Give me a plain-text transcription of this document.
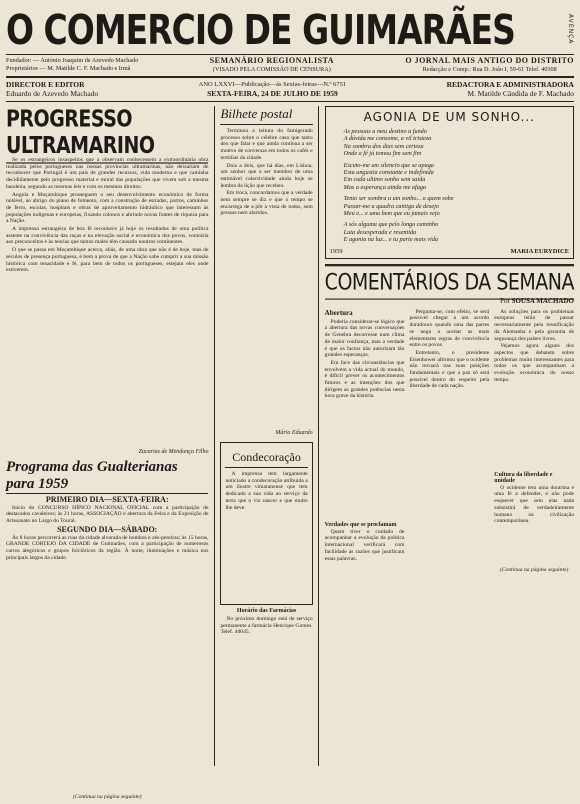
O COMERCIO DE GUIMARÃES	AVENÇA
Fundador: — António Joaquim de Azevedo Machado
Proprietários — M. Matilde C. F. Machado e Irmã
SEMANÁRIO REGIONALISTA
(VISADO PELA COMISSÃO DE CENSURA)
O JORNAL MAIS ANTIGO DO DISTRITO
Redacção e Comp.: Rua D. João I, 59-61 Telef. 40308
DIRECTOR E EDITOR
Eduardo de Azevedo Machado
ANO LXXVI—Publicação—às Sextas-feiras—N.º 6751
SEXTA-FEIRA, 24 DE JULHO DE 1959
REDACTORA E ADMINISTRADORA
M. Matilde Cândida de F. Machado
PROGRESSO ULTRAMARINO

Se os estrangeiros insuspeitos que a observam conhecessem a extraordinária obra realizada pelos portugueses nas nossas províncias ultramarinas, não deixariam de reconhecer que Portugal é um país de grandes recursos, vida moderna e que caminha decididamente pelo progresso material e moral das populações que vivem sob a mesma bandeira, segundo as mesmas leis e com os mesmos direitos.

Angola e Moçambique prosseguem o seu desenvolvimento económico de forma notável, ao abrigo do plano de fomento, com a construção de estradas, portos, caminhos de ferro, escolas, hospitais e obras de aproveitamento hidráulico que interessam às populações indígenas e europeias, fixando colonos e abrindo novas fontes de riqueza para a Nação.

A imprensa estrangeira de boa fé reconhece já hoje os resultados de uma política assente na convivência das raças e na elevação social e económica dos povos, contrária aos preconceitos e às teorias que tantos males têm causado noutros continentes.

O que se passa em Moçambique acerca, aliás, de uma obra que não é de hoje, mas de séculos de presença portuguesa, é bem a prova de que a Nação sabe cumprir a sua missão histórica com tenacidade e fé, para bem de todos os portugueses, estejam eles onde estiverem.

Zacarias de Mendonça Filho
Programa das Gualterianas para 1959
PRIMEIRO DIA—SEXTA-FEIRA:

Início do CONCURSO HÍPICO NACIONAL OFICIAL com a participação de destacados cavaleiros; às 21 horas, ASSOCIAÇÃO e abertura da Feira e da Exposição de Artesanato no Largo do Toural.

SEGUNDO DIA—SÁBADO:

Às 8 horas percorrerá as ruas da cidade alvorada de bombos e zés-pereiras; às 15 horas, GRANDE CORTEJO DA CIDADE de Guimarães, com a participação de numerosos carros alegóricos e grupos folclóricos da região. À noite, iluminações e música nos principais largos da cidade.

(Continua na página seguinte)
Bilhete postal

Terminou a leitura do famigerado processo sobre o célebre caso que tanto deu que falar e que ainda continua a ser motivo de conversas em todos os cafés e tertúlias da cidade.

Dois a dois, que há dias, em Lisboa, um senhor que a ser membro de uma estimável colectividade ainda hoje se lembra da lição que recebeu.

Em troca, concordamos que a verdade nem sempre se diz e que o tempo se encarrega de a pôr à vista de todos, sem pressas nem alaridos.

Mário Eduardo
Condecoração

A imprensa tem largamente noticiado a condecoração atribuída a um ilustre vimaranense que tem dedicado a sua vida ao serviço da terra que o viu nascer e que muito lhe deve.

Horário das Farmácias

No próximo domingo está de serviço permanente a farmácia Henrique Gomes. Telef. 40045.

AGONIA DE UM SONHO...
As pessoas a meu destino a fundo
A dúvida me consome, a vil tristeza
Na sombra dos dias sem certeza
Onde a fé já tomou fim sem fim
Escuto-me um silencio que se apaga
Esta angustia constante e indefinida
Em cada ultimo sonho sem saida
Mas a esperança ainda me afaga
Tento ser sombra a um sonho... a quem sobe
Passar-me a quadra cantiga de desejo
Meu e... e uma bem que eu jamais vejo
A sós alguma que pelo longo caminho
Luta desesperada e resentida
E agonia na luz... e tu parte mais vida
1959	MARIA EURYDICE
COMENTÁRIOS DA SEMANA
Por SOUSA MACHADO
Abertura

Poderia considerar-se lógico que a abertura das novas conversações de Genebra decorresse num clima de maior confiança, mas a verdade é que os factos não autorizam tão grandes esperanças.

Em face das circunstâncias que envolvem a vida actual do mundo, é difícil prever os acontecimentos futuros e as intenções dos que dirigem as grandes potências nesta hora grave da história.

Verdades que se proclamam

Quem tiver o cuidado de acompanhar a evolução da política internacional verificará com facilidade as razões que justificam estas palavras.

Pergunta-se, com efeito, se será possível chegar a um acordo duradouro quando uma das partes se nega a aceitar as mais elementares regras de convivência entre os povos.

Entretanto, o presidente Eisenhower afirmou que o ocidente não recuará nas suas posições fundamentais e que a paz só será possível dentro do respeito pela liberdade de cada nação.

As soluções para os problemas europeus terão de passar necessariamente pela reunificação da Alemanha e pela garantia de segurança dos países livres.

Vejamos agora alguns dos aspectos que debatem sobre problemas muito interessantes para todos os que acompanham a evolução económica do nosso tempo.

Cultura da liberdade e unidade

O ocidente tem uma doutrina e uma fé a defender, e não pode esquecer que sem elas nada subsistirá de verdadeiramente humano na civilização contemporânea.

(Continua na página seguinte)
